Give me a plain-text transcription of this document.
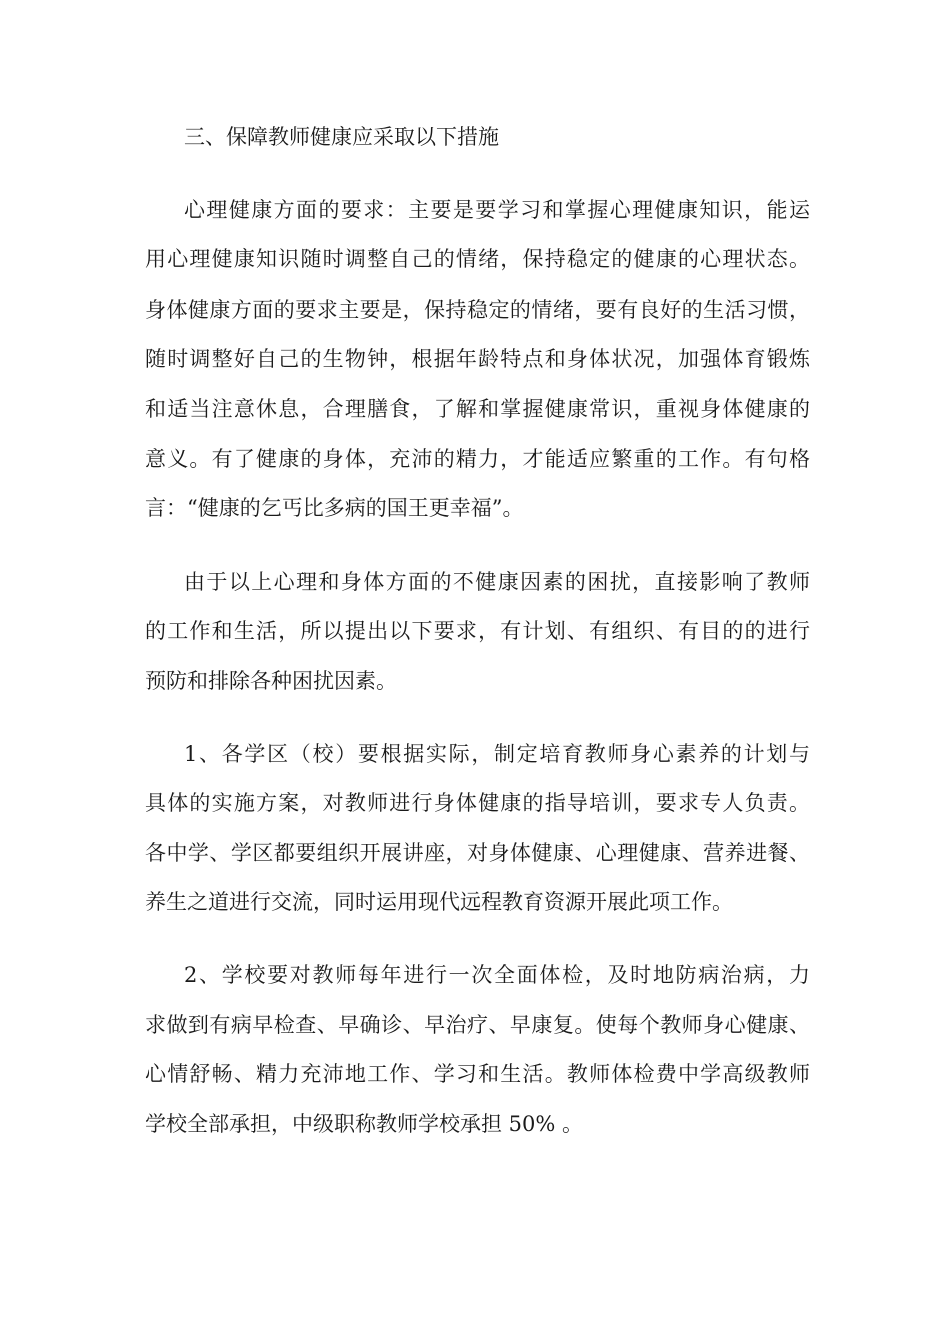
三、保障教师健康应采取以下措施
心理健康方面的要求：主要是要学习和掌握心理健康知识，能运
用心理健康知识随时调整自己的情绪，保持稳定的健康的心理状态。
身体健康方面的要求主要是，保持稳定的情绪，要有良好的生活习惯，
随时调整好自己的生物钟，根据年龄特点和身体状况，加强体育锻炼
和适当注意休息，合理膳食，了解和掌握健康常识，重视身体健康的
意义。有了健康的身体，充沛的精力，才能适应繁重的工作。有句格
言：“健康的乞丐比多病的国王更幸福”。
由于以上心理和身体方面的不健康因素的困扰，直接影响了教师
的工作和生活，所以提出以下要求，有计划、有组织、有目的的进行
预防和排除各种困扰因素。
1、各学区（校）要根据实际，制定培育教师身心素养的计划与
具体的实施方案，对教师进行身体健康的指导培训，要求专人负责。
各中学、学区都要组织开展讲座，对身体健康、心理健康、营养进餐、
养生之道进行交流，同时运用现代远程教育资源开展此项工作。
2、学校要对教师每年进行一次全面体检，及时地防病治病，力
求做到有病早检查、早确诊、早治疗、早康复。使每个教师身心健康、
心情舒畅、精力充沛地工作、学习和生活。教师体检费中学高级教师
学校全部承担，中级职称教师学校承担 50% 。
